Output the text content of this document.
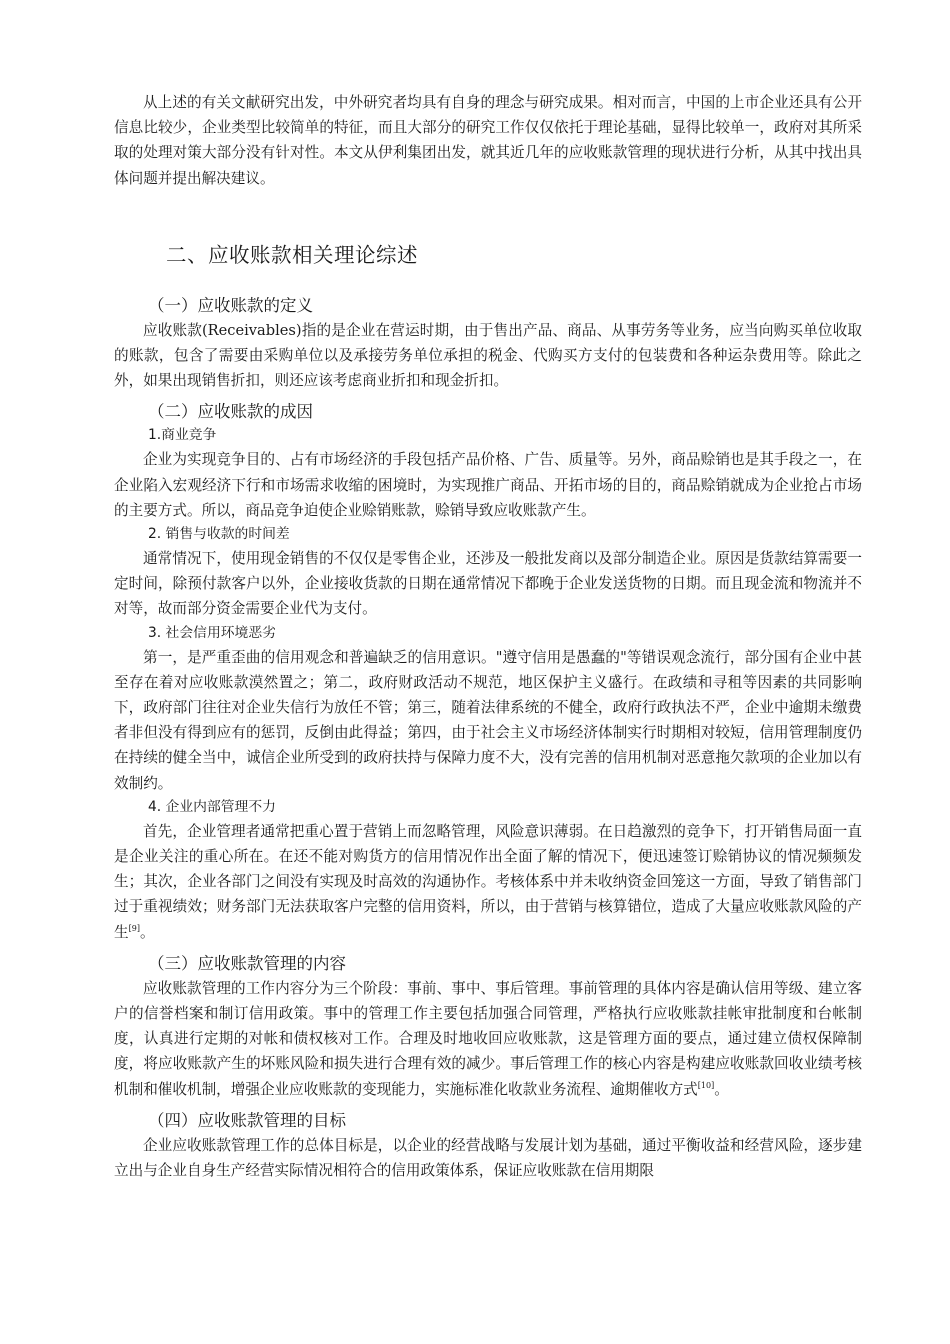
从上述的有关文献研究出发，中外研究者均具有自身的理念与研究成果。相对而言，中国的上市企业还具有公开信息比较少，企业类型比较简单的特征，而且大部分的研究工作仅仅依托于理论基础，显得比较单一，政府对其所采取的处理对策大部分没有针对性。本文从伊利集团出发，就其近几年的应收账款管理的现状进行分析，从其中找出具体问题并提出解决建议。

二、应收账款相关理论综述
（一）应收账款的定义

应收账款(Receivables)指的是企业在营运时期，由于售出产品、商品、从事劳务等业务，应当向购买单位收取的账款，包含了需要由采购单位以及承接劳务单位承担的税金、代购买方支付的包装费和各种运杂费用等。除此之外，如果出现销售折扣，则还应该考虑商业折扣和现金折扣。

（二）应收账款的成因
1.商业竞争

企业为实现竞争目的、占有市场经济的手段包括产品价格、广告、质量等。另外，商品赊销也是其手段之一，在企业陷入宏观经济下行和市场需求收缩的困境时，为实现推广商品、开拓市场的目的，商品赊销就成为企业抢占市场的主要方式。所以，商品竞争迫使企业赊销账款，赊销导致应收账款产生。

2. 销售与收款的时间差

通常情况下，使用现金销售的不仅仅是零售企业，还涉及一般批发商以及部分制造企业。原因是货款结算需要一定时间，除预付款客户以外，企业接收货款的日期在通常情况下都晚于企业发送货物的日期。而且现金流和物流并不对等，故而部分资金需要企业代为支付。

3. 社会信用环境恶劣

第一，是严重歪曲的信用观念和普遍缺乏的信用意识。"遵守信用是愚蠢的"等错误观念流行，部分国有企业中甚至存在着对应收账款漠然置之；第二，政府财政活动不规范，地区保护主义盛行。在政绩和寻租等因素的共同影响下，政府部门往往对企业失信行为放任不管；第三，随着法律系统的不健全，政府行政执法不严，企业中逾期未缴费者非但没有得到应有的惩罚，反倒由此得益；第四，由于社会主义市场经济体制实行时期相对较短，信用管理制度仍在持续的健全当中，诚信企业所受到的政府扶持与保障力度不大，没有完善的信用机制对恶意拖欠款项的企业加以有效制约。

4. 企业内部管理不力

首先，企业管理者通常把重心置于营销上而忽略管理，风险意识薄弱。在日趋激烈的竞争下，打开销售局面一直是企业关注的重心所在。在还不能对购货方的信用情况作出全面了解的情况下，便迅速签订赊销协议的情况频频发生；其次，企业各部门之间没有实现及时高效的沟通协作。考核体系中并未收纳资金回笼这一方面，导致了销售部门过于重视绩效；财务部门无法获取客户完整的信用资料，所以，由于营销与核算错位，造成了大量应收账款风险的产生[9]。

（三）应收账款管理的内容

应收账款管理的工作内容分为三个阶段：事前、事中、事后管理。事前管理的具体内容是确认信用等级、建立客户的信誉档案和制订信用政策。事中的管理工作主要包括加强合同管理，严格执行应收账款挂帐审批制度和台帐制度，认真进行定期的对帐和债权核对工作。合理及时地收回应收账款，这是管理方面的要点，通过建立债权保障制度，将应收账款产生的坏账风险和损失进行合理有效的减少。事后管理工作的核心内容是构建应收账款回收业绩考核机制和催收机制，增强企业应收账款的变现能力，实施标准化收款业务流程、逾期催收方式[10]。

（四）应收账款管理的目标

企业应收账款管理工作的总体目标是，以企业的经营战略与发展计划为基础，通过平衡收益和经营风险，逐步建立出与企业自身生产经营实际情况相符合的信用政策体系，保证应收账款在信用期限
